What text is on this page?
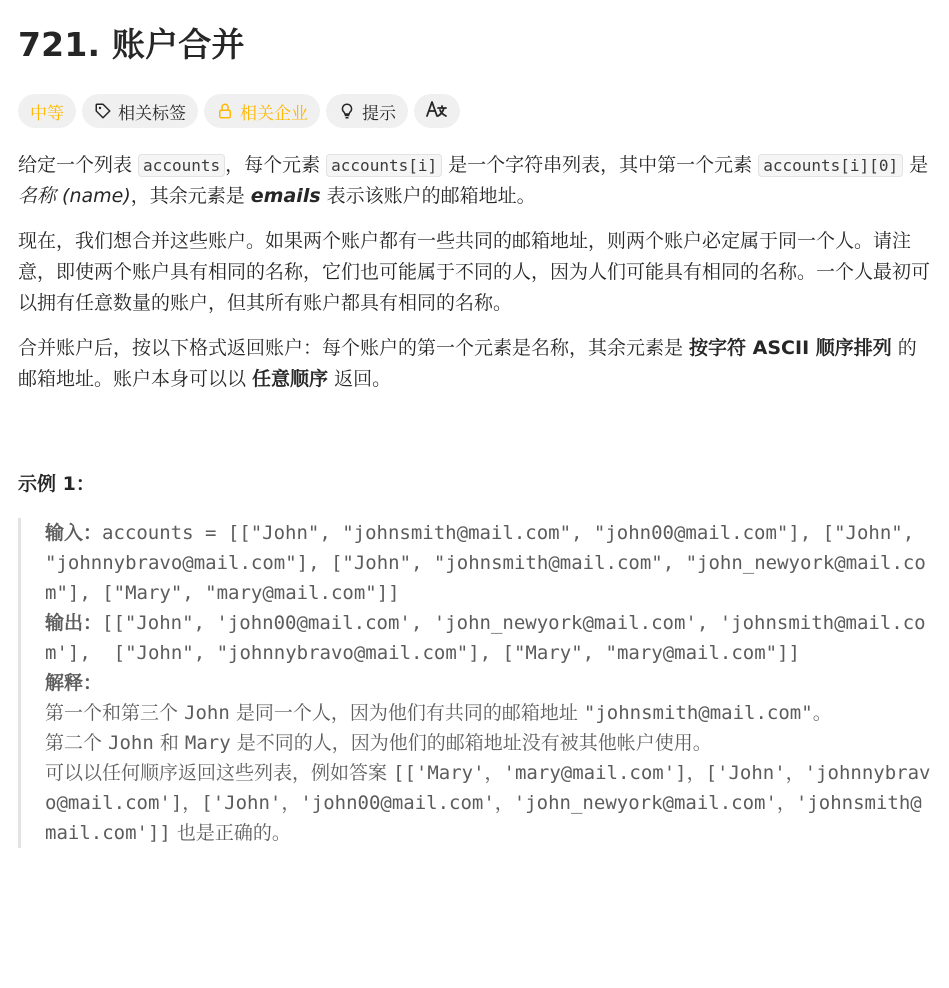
721. 账户合并
中等	相关标签	相关企业	提示

给定一个列表 accounts ，每个元素 accounts[i] 是一个字符串列表，其中第一个元素 accounts[i][0] 是 名称 (name)，其余元素是 emails 表示该账户的邮箱地址。

现在，我们想合并这些账户。如果两个账户都有一些共同的邮箱地址，则两个账户必定属于同一个人。请注意，即使两个账户具有相同的名称，它们也可能属于不同的人，因为人们可能具有相同的名称。一个人最初可以拥有任意数量的账户，但其所有账户都具有相同的名称。

合并账户后，按以下格式返回账户：每个账户的第一个元素是名称，其余元素是 按字符 ASCII 顺序排列 的邮箱地址。账户本身可以以 任意顺序 返回。

示例 1：
输入：accounts = [["John", "johnsmith@mail.com", "john00@mail.com"], ["John", "johnnybravo@mail.com"], ["John", "johnsmith@mail.com", "john_newyork@mail.com"], ["Mary", "mary@mail.com"]]
输出：[["John", 'john00@mail.com', 'john_newyork@mail.com', 'johnsmith@mail.com'],  ["John", "johnnybravo@mail.com"], ["Mary", "mary@mail.com"]]
解释：
第一个和第三个 John 是同一个人，因为他们有共同的邮箱地址 "johnsmith@mail.com"。
第二个 John 和 Mary 是不同的人，因为他们的邮箱地址没有被其他帐户使用。
可以以任何顺序返回这些列表，例如答案 [['Mary'，'mary@mail.com']，['John'，'johnnybravo@mail.com']，['John'，'john00@mail.com'，'john_newyork@mail.com'，'johnsmith@mail.com']] 也是正确的。
